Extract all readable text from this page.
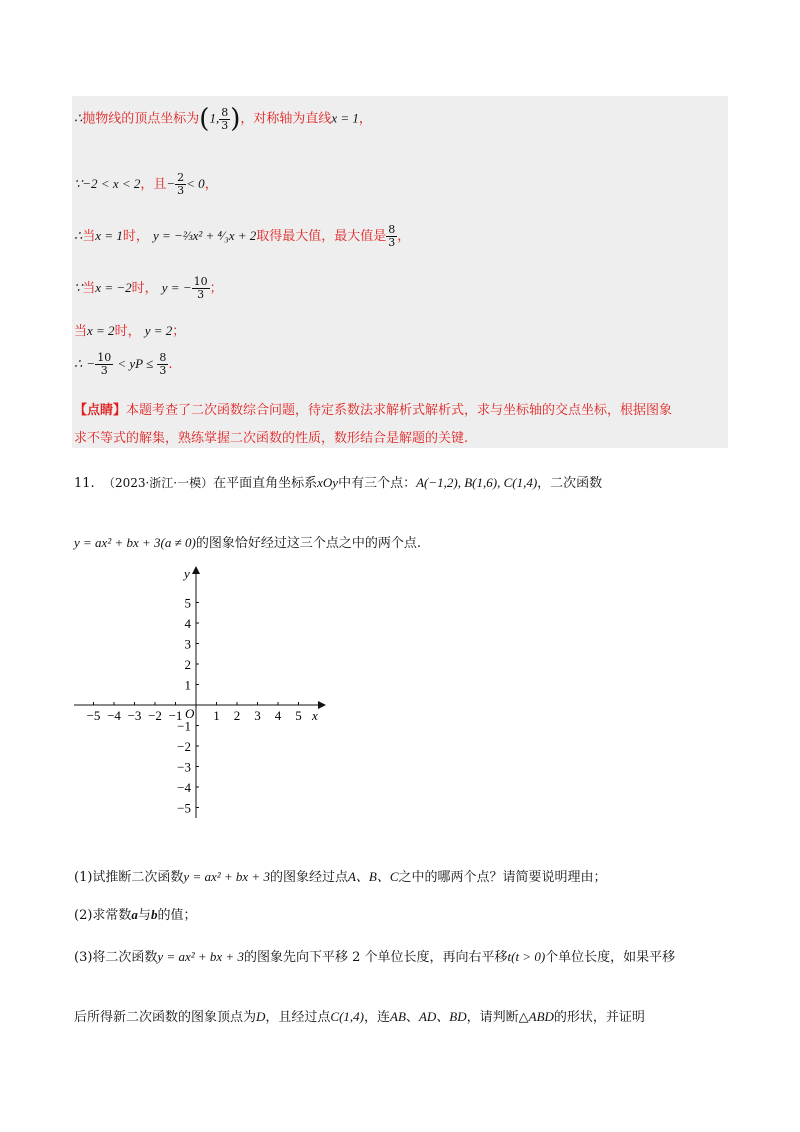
∴抛物线的顶点坐标为(1, $\frac{8}{3}$ )，对称轴为直线x = 1，
∵−2 < x < 2，且− $\frac{2}{3} < 0$，
∴当x = 1时， y = −⅔x² + ⁴⁄₃x + 2取得最大值，最大值是 $\frac{8}{3}$ ，
∵当x = −2时， y = − $\frac{10}{3}$ ；
当x = 2时， y = 2；
∴ − $\frac{10}{3}$ < yP ≤ $\frac{8}{3}$ .
【点睛】本题考查了二次函数综合问题，待定系数法求解析式解析式，求与坐标轴的交点坐标，根据图象
求不等式的解集，熟练掌握二次函数的性质，数形结合是解题的关键.
11. （2023·浙江·一模）在平面直角坐标系xOy中有三个点：A(−1,2), B(1,6), C(1,4)，二次函数
y = ax² + bx + 3(a ≠ 0)的图象恰好经过这三个点之中的两个点.
−5 −4 −3 −2 −1 1 2 3 4 5
1
2
3
4
5
−1
−2
−3
−4
−5
x
y
O
(1)试推断二次函数y = ax² + bx + 3的图象经过点A、B、C之中的哪两个点？请简要说明理由；
(2)求常数a与b的值；
(3)将二次函数y = ax² + bx + 3的图象先向下平移 2 个单位长度，再向右平移t(t > 0)个单位长度，如果平移
后所得新二次函数的图象顶点为D，且经过点C(1,4)，连AB、AD、BD，请判断△ABD的形状，并证明
